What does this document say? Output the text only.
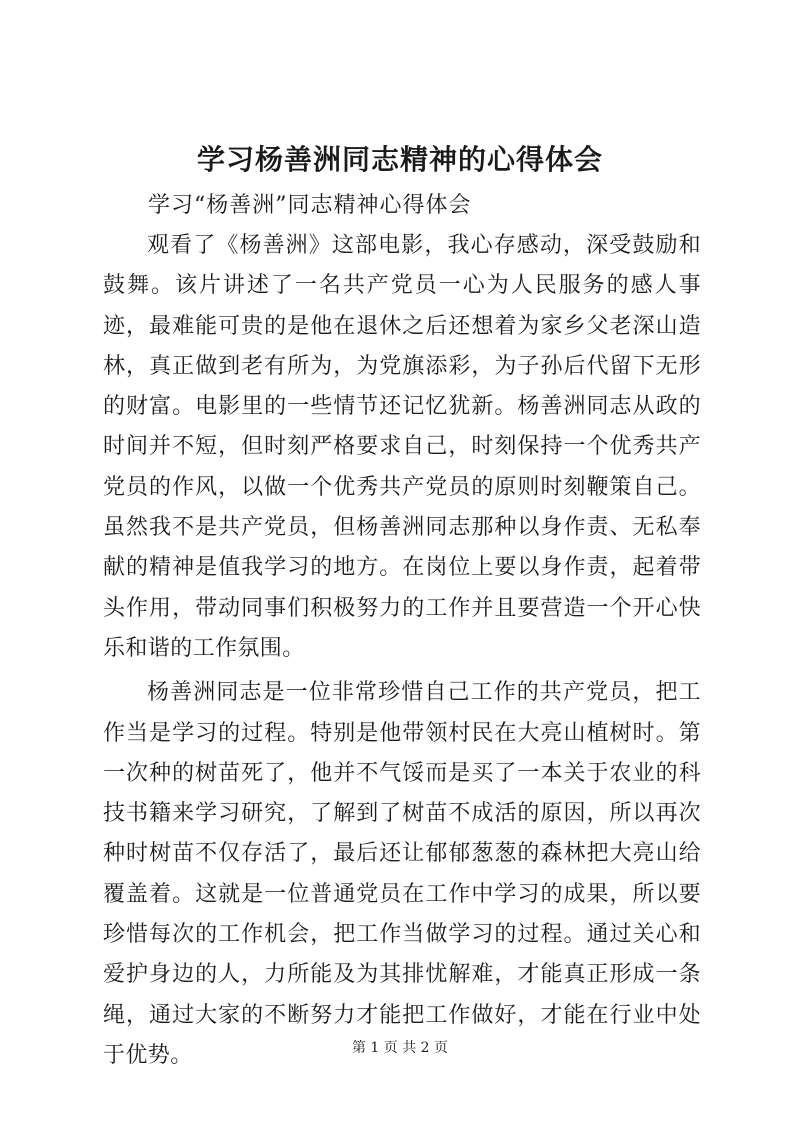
学习杨善洲同志精神的心得体会

学习“杨善洲”同志精神心得体会

观看了《杨善洲》这部电影，我心存感动，深受鼓励和鼓舞。该片讲述了一名共产党员一心为人民服务的感人事迹，最难能可贵的是他在退休之后还想着为家乡父老深山造林，真正做到老有所为，为党旗添彩，为子孙后代留下无形的财富。电影里的一些情节还记忆犹新。杨善洲同志从政的时间并不短，但时刻严格要求自己，时刻保持一个优秀共产党员的作风，以做一个优秀共产党员的原则时刻鞭策自己。虽然我不是共产党员，但杨善洲同志那种以身作责、无私奉献的精神是值我学习的地方。在岗位上要以身作责，起着带头作用，带动同事们积极努力的工作并且要营造一个开心快乐和谐的工作氛围。

杨善洲同志是一位非常珍惜自己工作的共产党员，把工作当是学习的过程。特别是他带领村民在大亮山植树时。第一次种的树苗死了，他并不气馁而是买了一本关于农业的科技书籍来学习研究，了解到了树苗不成活的原因，所以再次种时树苗不仅存活了，最后还让郁郁葱葱的森林把大亮山给覆盖着。这就是一位普通党员在工作中学习的成果，所以要珍惜每次的工作机会，把工作当做学习的过程。通过关心和爱护身边的人，力所能及为其排忧解难，才能真正形成一条绳，通过大家的不断努力才能把工作做好，才能在行业中处于优势。	第 1 页 共 2 页
